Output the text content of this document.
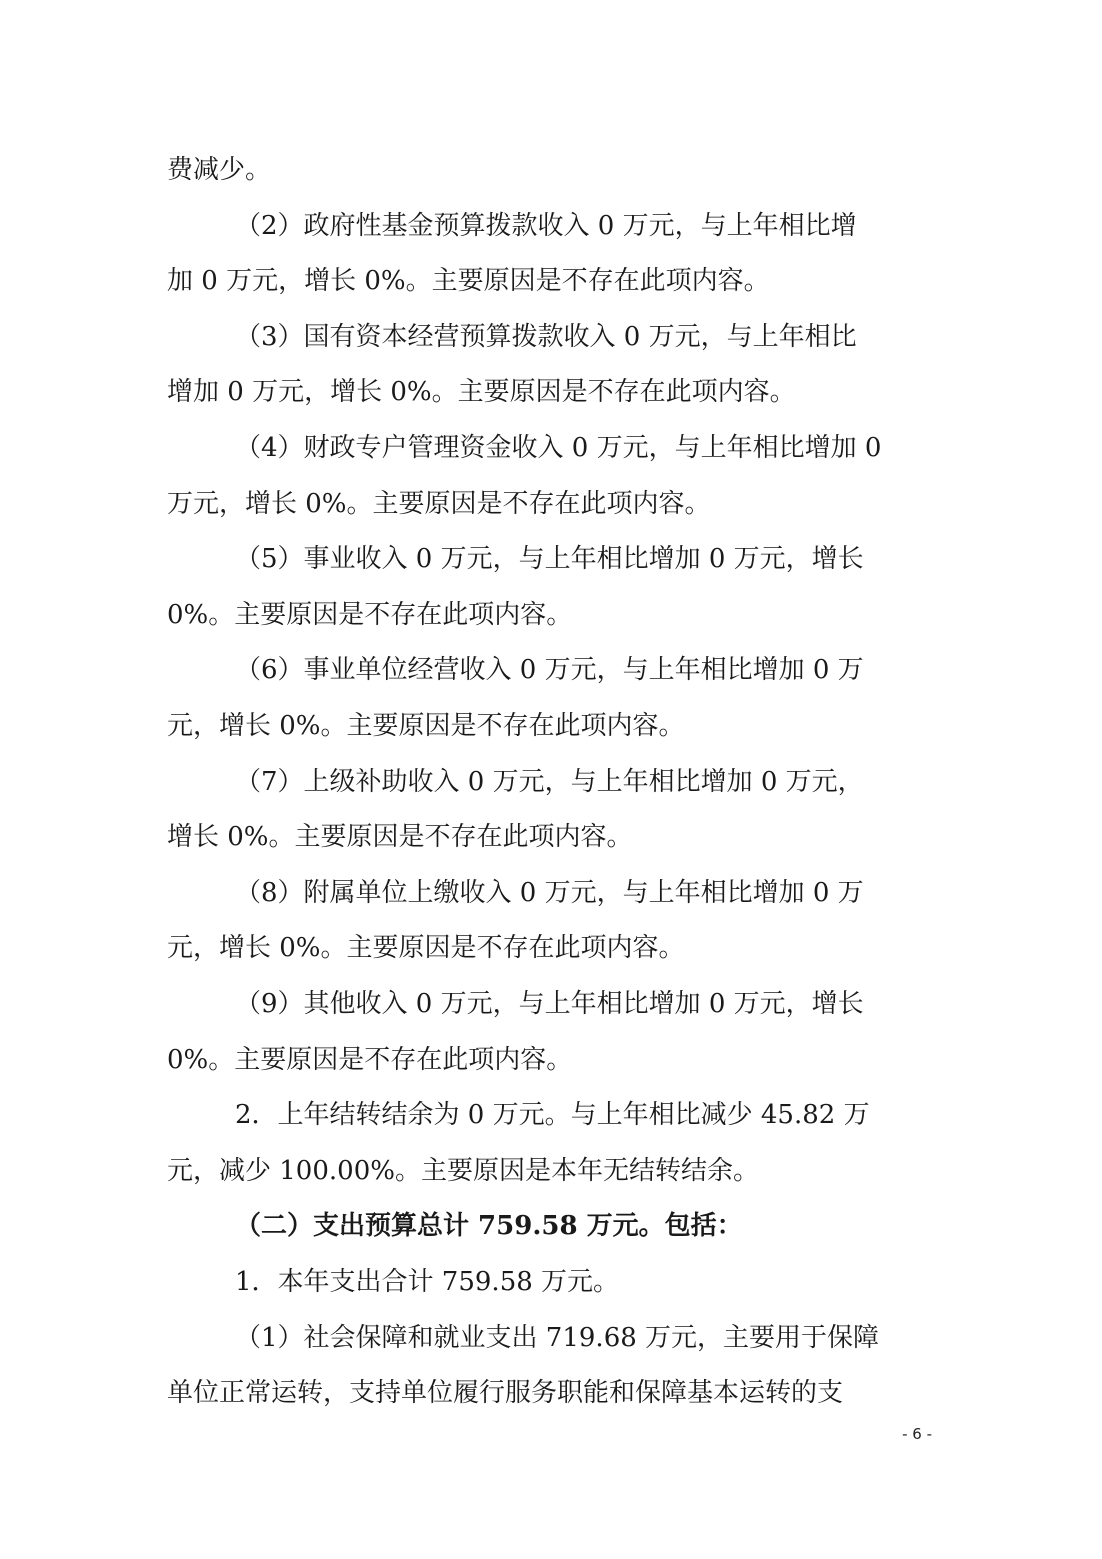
费减少。
（2）政府性基金预算拨款收入 0 万元，与上年相比增
加 0 万元，增长 0%。主要原因是不存在此项内容。
（3）国有资本经营预算拨款收入 0 万元，与上年相比
增加 0 万元，增长 0%。主要原因是不存在此项内容。
（4）财政专户管理资金收入 0 万元，与上年相比增加 0
万元，增长 0%。主要原因是不存在此项内容。
（5）事业收入 0 万元，与上年相比增加 0 万元，增长
0%。主要原因是不存在此项内容。
（6）事业单位经营收入 0 万元，与上年相比增加 0 万
元，增长 0%。主要原因是不存在此项内容。
（7）上级补助收入 0 万元，与上年相比增加 0 万元，
增长 0%。主要原因是不存在此项内容。
（8）附属单位上缴收入 0 万元，与上年相比增加 0 万
元，增长 0%。主要原因是不存在此项内容。
（9）其他收入 0 万元，与上年相比增加 0 万元，增长
0%。主要原因是不存在此项内容。
2．上年结转结余为 0 万元。与上年相比减少 45.82 万
元，减少 100.00%。主要原因是本年无结转结余。
（二）支出预算总计 759.58 万元。包括：
1．本年支出合计 759.58 万元。
（1）社会保障和就业支出 719.68 万元，主要用于保障
单位正常运转，支持单位履行服务职能和保障基本运转的支
- 6 -
